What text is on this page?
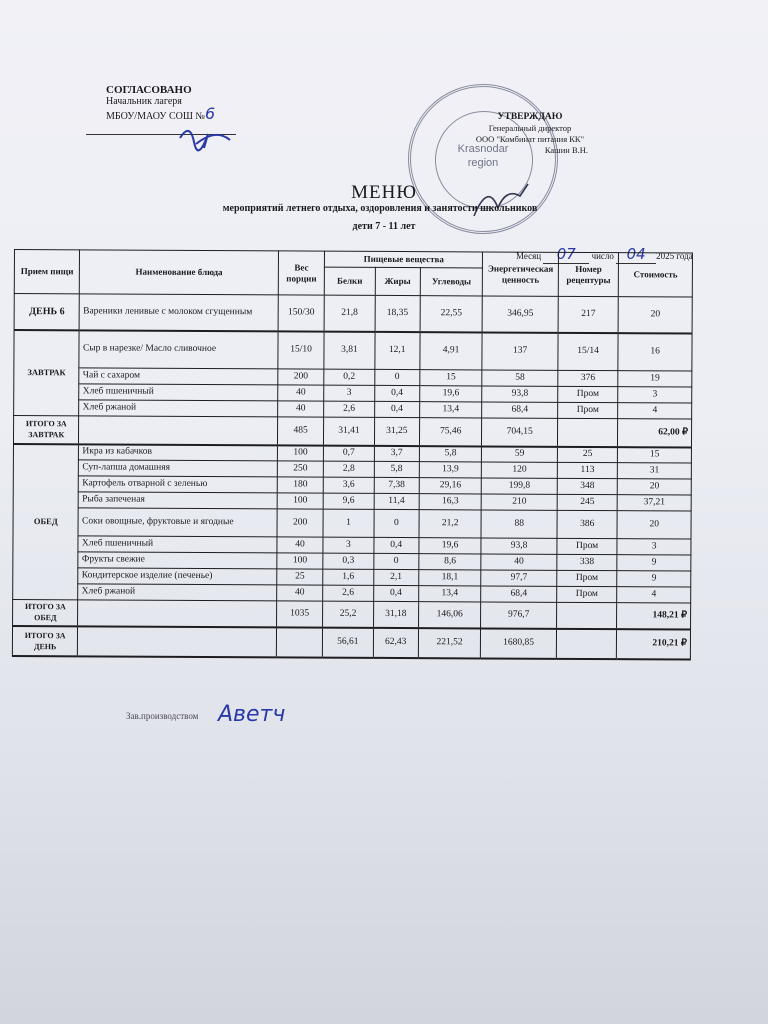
СОГЛАСОВАНО
Начальник лагеря
МБОУ/МАОУ СОШ №6
Krasnodar
region
УТВЕРЖДАЮ
Генеральный директор
ООО "Комбинат питания КК"
Кашин В.Н.
МЕНЮ
мероприятий летнего отдыха, оздоровления и занятости школьников
дети 7 - 11 лет
Месяц 07 число 04 2025 года
Прием пищи	Наименование блюда	Вес порции	Пищевые вещества			Энергетическая ценность	Номер рецептуры	Стоимость
			Белки	Жиры	Углеводы			
ДЕНЬ 6	Вареники ленивые с молоком сгущенным	150/30	21,8	18,35	22,55	346,95	217	20
ЗАВТРАК	Сыр в нарезке/ Масло сливочное	15/10	3,81	12,1	4,91	137	15/14	16
	Чай с сахаром	200	0,2	0	15	58	376	19
	Хлеб пшеничный	40	3	0,4	19,6	93,8	Пром	3
	Хлеб ржаной	40	2,6	0,4	13,4	68,4	Пром	4
ИТОГО ЗА ЗАВТРАК		485	31,41	31,25	75,46	704,15		62,00 ₽
ОБЕД	Икра из кабачков	100	0,7	3,7	5,8	59	25	15
	Суп-лапша домашняя	250	2,8	5,8	13,9	120	113	31
	Картофель отварной с зеленью	180	3,6	7,38	29,16	199,8	348	20
	Рыба запеченая	100	9,6	11,4	16,3	210	245	37,21
	Соки овощные, фруктовые и ягодные	200	1	0	21,2	88	386	20
	Хлеб пшеничный	40	3	0,4	19,6	93,8	Пром	3
	Фрукты свежие	100	0,3	0	8,6	40	338	9
	Кондитерское изделие (печенье)	25	1,6	2,1	18,1	97,7	Пром	9
	Хлеб ржаной	40	2,6	0,4	13,4	68,4	Пром	4
ИТОГО ЗА ОБЕД		1035	25,2	31,18	146,06	976,7		148,21 ₽
ИТОГО ЗА ДЕНЬ			56,61	62,43	221,52	1680,85		210,21 ₽
Зав.производством Аветч
